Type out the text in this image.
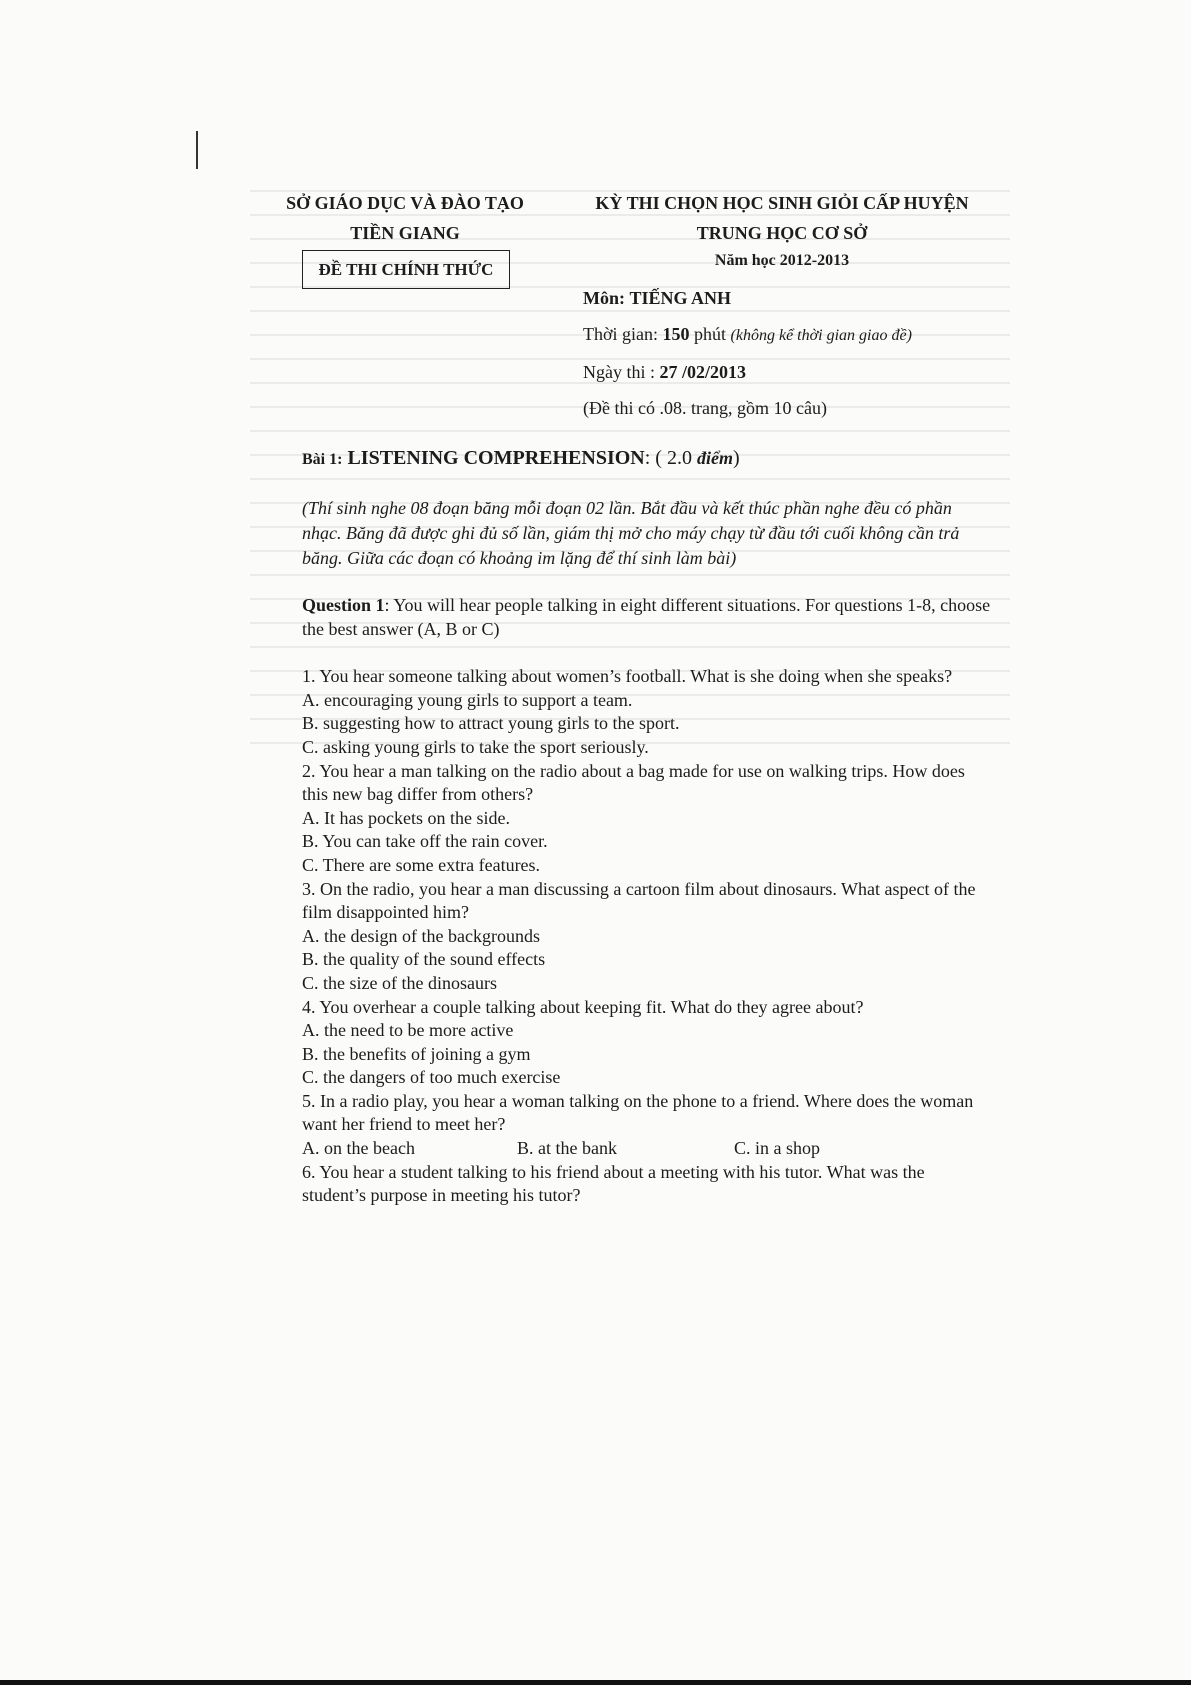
SỞ GIÁO DỤC VÀ ĐÀO TẠO
TIỀN GIANG
ĐỀ THI CHÍNH THỨC
KỲ THI CHỌN HỌC SINH GIỎI CẤP HUYỆN
TRUNG HỌC CƠ SỞ
Năm học 2012-2013
Môn: TIẾNG ANH
Thời gian: 150 phút (không kể thời gian giao đề)
Ngày thi : 27 /02/2013
(Đề thi có .08. trang, gồm 10 câu)
Bài 1: LISTENING COMPREHENSION: ( 2.0 điểm)
(Thí sinh nghe 08 đoạn băng mỗi đoạn 02 lần. Bắt đầu và kết thúc phần nghe đều có phần nhạc. Băng đã được ghi đủ số lần, giám thị mở cho máy chạy từ đầu tới cuối không cần trả băng. Giữa các đoạn có khoảng im lặng để thí sinh làm bài)

Question 1: You will hear people talking in eight different situations. For questions 1-8, choose the best answer (A, B or C)

1. You hear someone talking about women’s football. What is she doing when she speaks?

A. encouraging young girls to support a team.

B. suggesting how to attract young girls to the sport.

C. asking young girls to take the sport seriously.

2. You hear a man talking on the radio about a bag made for use on walking trips. How does this new bag differ from others?

A. It has pockets on the side.

B. You can take off the rain cover.

C. There are some extra features.

3. On the radio, you hear a man discussing a cartoon film about dinosaurs. What aspect of the film disappointed him?

A. the design of the backgrounds

B. the quality of the sound effects

C. the size of the dinosaurs

4. You overhear a couple talking about keeping fit. What do they agree about?

A. the need to be more active

B. the benefits of joining a gym

C. the dangers of too much exercise

5. In a radio play, you hear a woman talking on the phone to a friend. Where does the woman want her friend to meet her?

A. on the beach	B. at the bank	C. in a shop

6. You hear a student talking to his friend about a meeting with his tutor. What was the student’s purpose in meeting his tutor?
